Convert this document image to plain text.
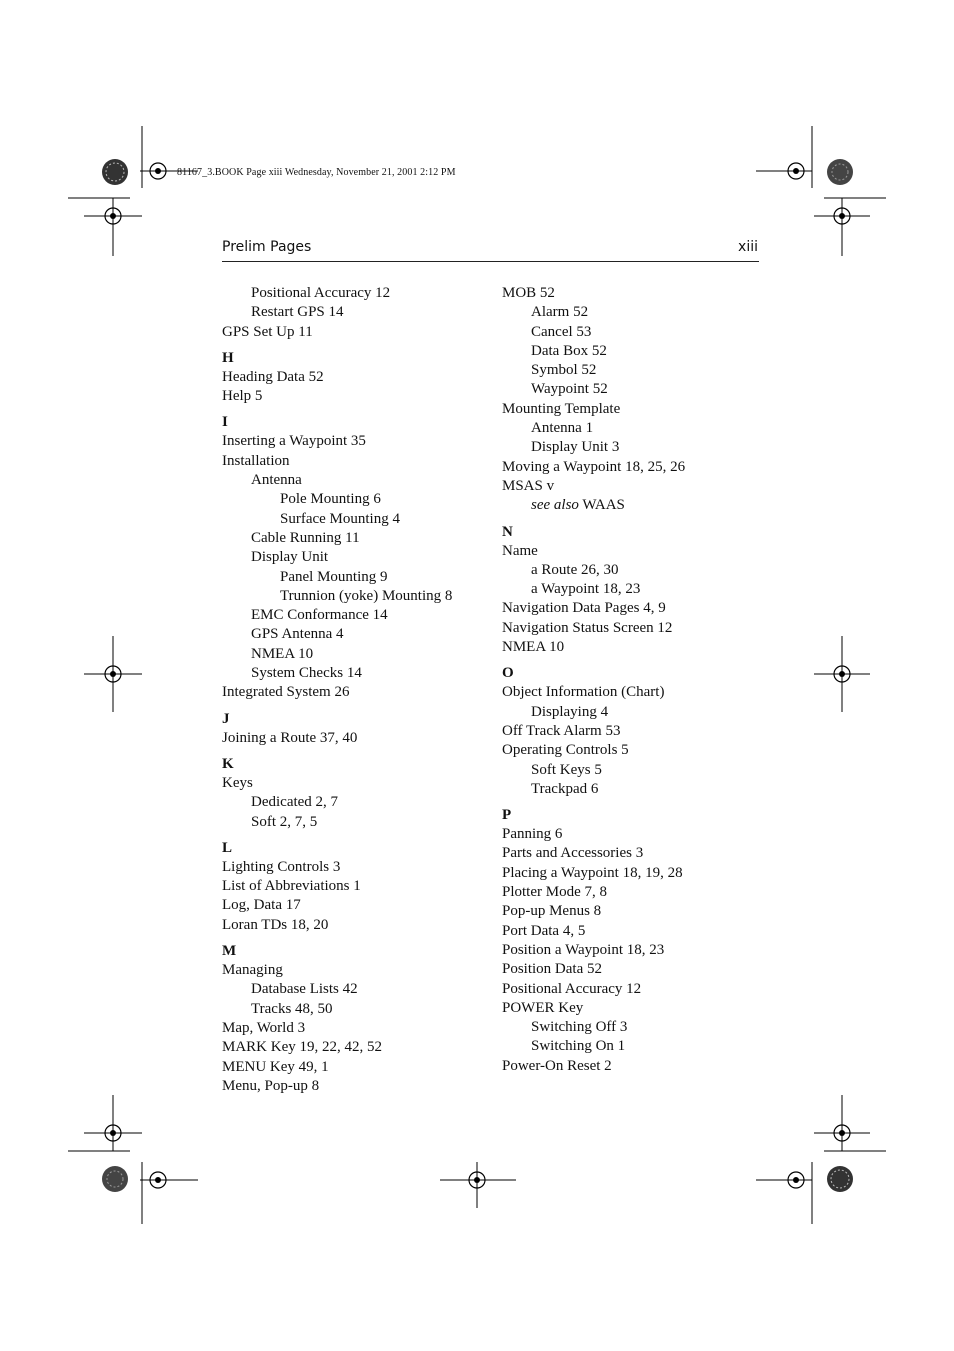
81167_3.BOOK Page xiii Wednesday, November 21, 2001 2:12 PM
Prelim Pages	xiii
Positional Accuracy 12
Restart GPS 14
GPS Set Up 11
H
Heading Data 52
Help 5
I
Inserting a Waypoint 35
Installation
Antenna
Pole Mounting 6
Surface Mounting 4
Cable Running 11
Display Unit
Panel Mounting 9
Trunnion (yoke) Mounting 8
EMC Conformance 14
GPS Antenna 4
NMEA 10
System Checks 14
Integrated System 26
J
Joining a Route 37, 40
K
Keys
Dedicated 2, 7
Soft 2, 7, 5
L
Lighting Controls 3
List of Abbreviations 1
Log, Data 17
Loran TDs 18, 20
M
Managing
Database Lists 42
Tracks 48, 50
Map, World 3
MARK Key 19, 22, 42, 52
MENU Key 49, 1
Menu, Pop-up 8
MOB 52
Alarm 52
Cancel 53
Data Box 52
Symbol 52
Waypoint 52
Mounting Template
Antenna 1
Display Unit 3
Moving a Waypoint 18, 25, 26
MSAS v
see also WAAS
N
Name
a Route 26, 30
a Waypoint 18, 23
Navigation Data Pages 4, 9
Navigation Status Screen 12
NMEA 10
O
Object Information (Chart)
Displaying 4
Off Track Alarm 53
Operating Controls 5
Soft Keys 5
Trackpad 6
P
Panning 6
Parts and Accessories 3
Placing a Waypoint 18, 19, 28
Plotter Mode 7, 8
Pop-up Menus 8
Port Data 4, 5
Position a Waypoint 18, 23
Position Data 52
Positional Accuracy 12
POWER Key
Switching Off 3
Switching On 1
Power-On Reset 2
